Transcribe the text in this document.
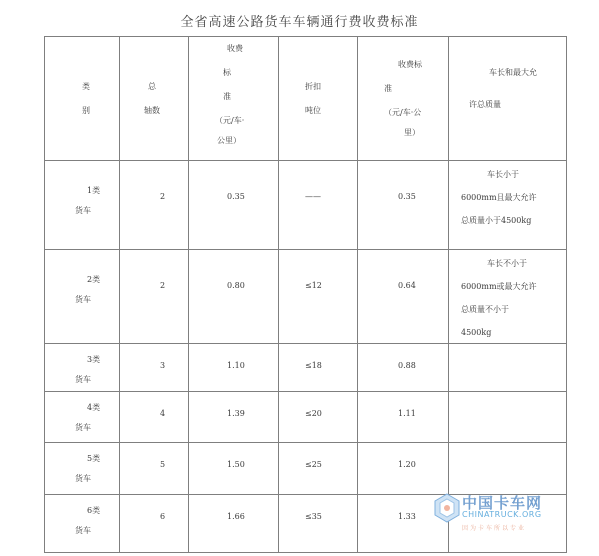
全省高速公路货车车辆通行费收费标准
类
别	总
轴数	收费
标
准
（元/车·
公里）	折扣
吨位	收费标
准
（元/车·公
里）	车长和最大允
许总质量

1类
货车	2	0.35	——	0.35	车长小于
6000mm且最大允许
总质量小于4500kg

2类
货车	2	0.80	≤12	0.64	车长不小于
6000mm或最大允许
总质量不小于
4500kg

3类
货车	3	1.10	≤18	0.88	

4类
货车	4	1.39	≤20	1.11	

5类
货车	5	1.50	≤25	1.20	

6类
货车	6	1.66	≤35	1.33	

中国卡车网
CHINATRUCK.ORG
因为卡车所以专业
